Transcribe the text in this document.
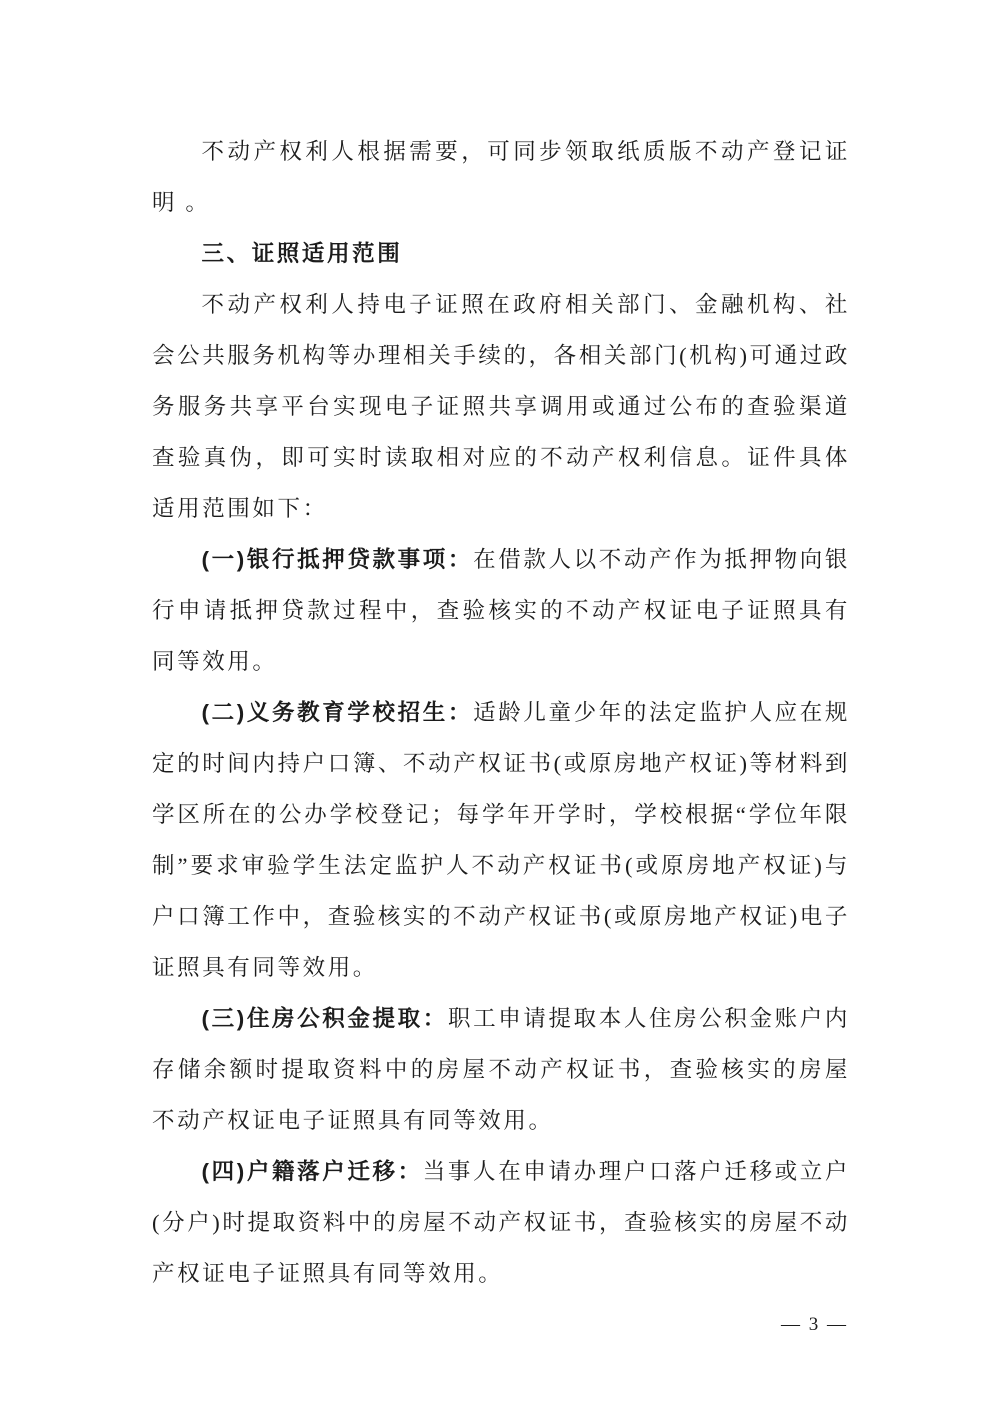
不动产权利人根据需要，可同步领取纸质版不动产登记证明 。

三、证照适用范围

不动产权利人持电子证照在政府相关部门、金融机构、社会公共服务机构等办理相关手续的，各相关部门(机构)可通过政务服务共享平台实现电子证照共享调用或通过公布的查验渠道查验真伪，即可实时读取相对应的不动产权利信息。证件具体适用范围如下：

(一)银行抵押贷款事项：在借款人以不动产作为抵押物向银行申请抵押贷款过程中，查验核实的不动产权证电子证照具有同等效用。

(二)义务教育学校招生：适龄儿童少年的法定监护人应在规定的时间内持户口簿、不动产权证书(或原房地产权证)等材料到学区所在的公办学校登记；每学年开学时，学校根据“学位年限制”要求审验学生法定监护人不动产权证书(或原房地产权证)与户口簿工作中，查验核实的不动产权证书(或原房地产权证)电子证照具有同等效用。

(三)住房公积金提取：职工申请提取本人住房公积金账户内存储余额时提取资料中的房屋不动产权证书，查验核实的房屋不动产权证电子证照具有同等效用。

(四)户籍落户迁移：当事人在申请办理户口落户迁移或立户(分户)时提取资料中的房屋不动产权证书，查验核实的房屋不动产权证电子证照具有同等效用。

— 3 —
